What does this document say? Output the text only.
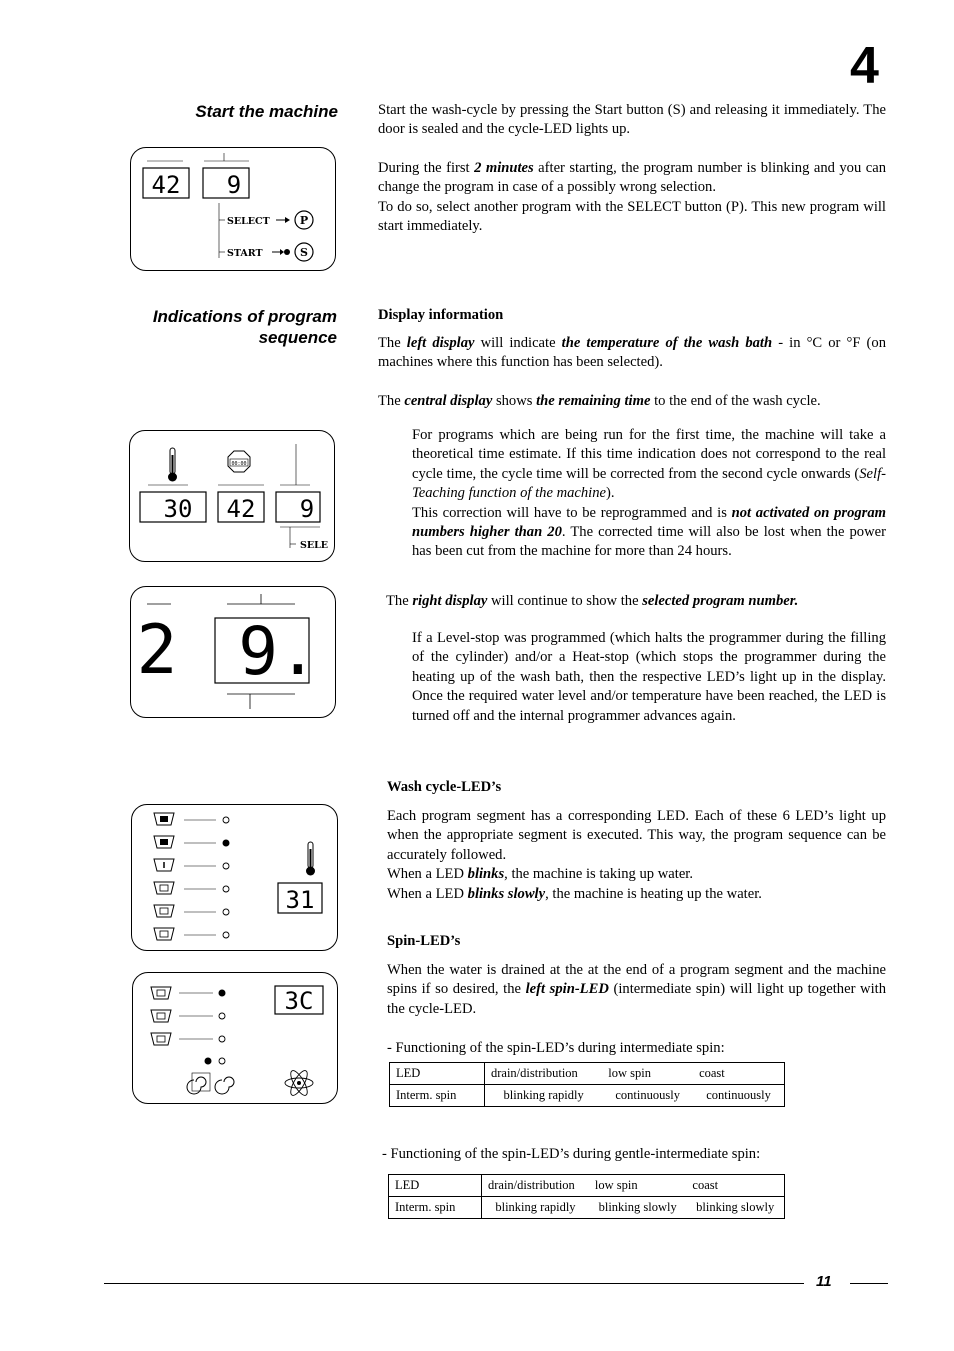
4
Start the machine	Start the wash-cycle by pressing the Start button (S) and releasing it immediately. The door is sealed and the cycle-LED lights up.

During the first 2 minutes after starting, the program number is blinking and you can change the program in case of a possibly wrong selection.

To do so, select another program with the SELECT button (P). This new program will start immediately.

42 9
SELECT	P
START	S
Indications of program
sequence
Display information

The left display will indicate the temperature of the wash bath - in °C or °F (on machines where this function has been selected).

The central display shows the remaining time to the end of the wash cycle.

For programs which are being run for the first time, the machine will take a theoretical time estimate. If this time indication does not correspond to the real cycle time, the cycle time will be corrected from the second cycle onwards (Self-Teaching function of the machine).

This correction will have to be reprogrammed and is not activated on program numbers higher than 20. The corrected time will also be lost when the power has been cut from the machine for more than 24 hours.

00:00
30 42 9
SELE

The right display will continue to show the selected program number.

If a Level-stop was programmed (which halts the programmer during the filling of the cylinder) and/or a Heat-stop (which stops the programmer during the heating up of the wash bath, then the respective LED’s light up in the display. Once the required water level and/or temperature have been reached, the LED is turned off and the internal programmer advances again.
2 9.
Wash cycle-LED’s

Each program segment has a corresponding LED. Each of these 6 LED’s light up when the appropriate segment is executed. This way, the program sequence can be accurately followed.

When a LED blinks, the machine is taking up water.

When a LED blinks slowly, the machine is heating up the water.

31
Spin-LED’s

When the water is drained at the at the end of a program segment and the machine spins if so desired, the left spin-LED (intermediate spin) will light up together with the cycle-LED.

3C
- Functioning of the spin-LED’s during intermediate spin:
LED	drain/distribution	low spin	coast
Interm. spin	blinking rapidly	continuously	continuously
- Functioning of the spin-LED’s during gentle-intermediate spin:
LED	drain/distribution	low spin	coast
Interm. spin	blinking rapidly	blinking slowly	blinking slowly
11
